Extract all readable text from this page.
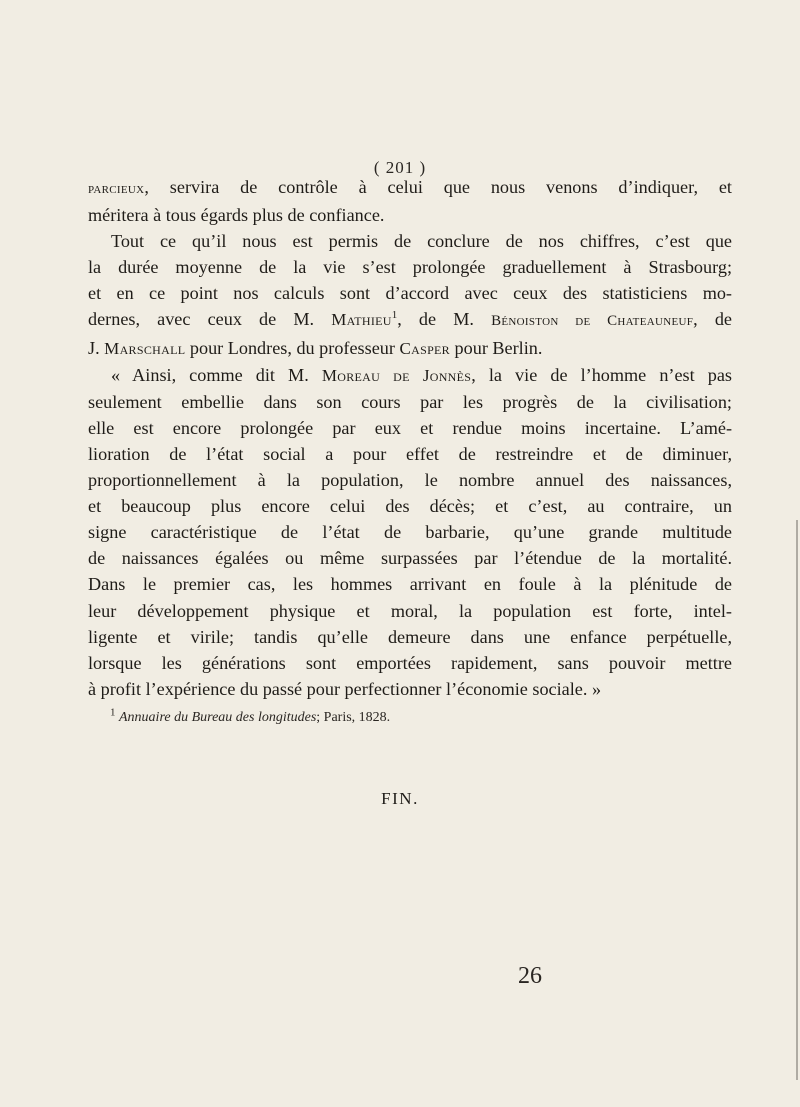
( 201 )
parcieux, servira de contrôle à celui que nous venons d’indiquer, et
méritera à tous égards plus de confiance.
Tout ce qu’il nous est permis de conclure de nos chiffres, c’est que
la durée moyenne de la vie s’est prolongée graduellement à Strasbourg;
et en ce point nos calculs sont d’accord avec ceux des statisticiens mo-
dernes, avec ceux de M. Mathieu$^1$, de M. Bénoiston de Chateauneuf, de
J. Marschall pour Londres, du professeur Casper pour Berlin.
« Ainsi, comme dit M. Moreau de Jonnès, la vie de l’homme n’est pas
seulement embellie dans son cours par les progrès de la civilisation;
elle est encore prolongée par eux et rendue moins incertaine. L’amé-
lioration de l’état social a pour effet de restreindre et de diminuer,
proportionnellement à la population, le nombre annuel des naissances,
et beaucoup plus encore celui des décès; et c’est, au contraire, un
signe caractéristique de l’état de barbarie, qu’une grande multitude
de naissances égalées ou même surpassées par l’étendue de la mortalité.
Dans le premier cas, les hommes arrivant en foule à la plénitude de
leur développement physique et moral, la population est forte, intel-
ligente et virile; tandis qu’elle demeure dans une enfance perpétuelle,
lorsque les générations sont emportées rapidement, sans pouvoir mettre
à profit l’expérience du passé pour perfectionner l’économie sociale. »
$^1$ Annuaire du Bureau des longitudes; Paris, 1828.
FIN.
26
